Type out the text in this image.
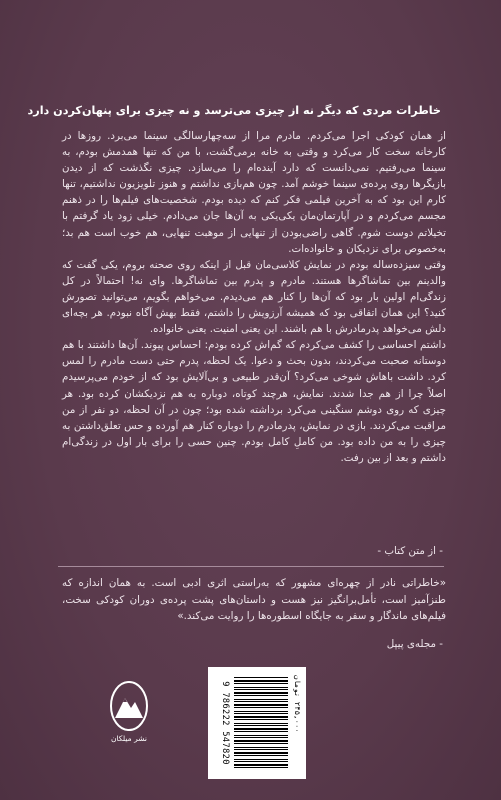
خاطرات مردی که دیگر نه از چیزی می‌ترسد و نه چیزی برای پنهان‌کردن دارد

از همان کودکی اجرا می‌کردم. مادرم مرا از سه‌چهارسالگی سینما می‌برد. روزها در کارخانه سخت کار می‌کرد و وقتی به خانه برمی‌گشت، با من که تنها همدمش بودم، به سینما می‌رفتیم. نمی‌دانست که دارد آینده‌ام را می‌سازد. چیزی نگذشت که از دیدن بازیگرها روی پرده‌ی سینما خوشم آمد. چون هم‌بازی نداشتم و هنوز تلویزیون نداشتیم، تنها کارم این بود که به آخرین فیلمی فکر کنم که دیده بودم. شخصیت‌های فیلم‌ها را در ذهنم مجسم می‌کردم و در آپارتمان‌مان یکی‌یکی به آن‌ها جان می‌دادم. خیلی زود یاد گرفتم با تخیلاتم دوست شوم. گاهی راضی‌بودن از تنهایی از موهبت تنهایی، هم خوب است هم بد؛ به‌خصوص برای نزدیکان و خانواده‌ات.

وقتی سیزده‌ساله بودم در نمایش کلاسی‌مان قبل از اینکه روی صحنه بروم، یکی گفت که والدینم بین تماشاگرها هستند. مادرم و پدرم بین تماشاگرها. وای نه! احتمالاً در کل زندگی‌ام اولین بار بود که آن‌ها را کنار هم می‌دیدم. می‌خواهم بگویم، می‌توانید تصورش کنید؟ این همان اتفاقی بود که همیشه آرزویش را داشتم، فقط بهش آگاه نبودم. هر بچه‌ای دلش می‌خواهد پدرمادرش با هم باشند. این یعنی امنیت. یعنی خانواده.

داشتم احساسی را کشف می‌کردم که گم‌اش کرده بودم: احساس پیوند. آن‌ها داشتند با هم دوستانه صحبت می‌کردند، بدون بحث و دعوا. یک لحظه، پدرم حتی دست مادرم را لمس کرد. داشت باهاش شوخی می‌کرد؟ آن‌قدر طبیعی و بی‌آلایش بود که از خودم می‌پرسیدم اصلاً چرا از هم جدا شدند. نمایش، هرچند کوتاه، دوباره به هم نزدیکشان کرده بود. هر چیزی که روی دوشم سنگینی می‌کرد برداشته شده بود؛ چون در آن لحظه، دو نفر از من مراقبت می‌کردند. بازی در نمایش، پدرمادرم را دوباره کنار هم آورده و حس تعلق‌داشتن به چیزی را به من داده بود. من کامل‌ِ کامل بودم. چنین حسی را برای بار اول در زندگی‌ام داشتم و بعد از بین رفت.

- از متن کتاب -
«خاطراتی نادر از چهره‌ای مشهور که به‌راستی اثری ادبی است. به همان اندازه که طنزآمیز است، تأمل‌برانگیز نیز هست و داستان‌های پشت پرده‌ی دوران کودکی سخت، فیلم‌های ماندگار و سفر به جایگاه اسطوره‌ها را روایت می‌کند.»
- مجله‌ی پیپل
نشر میلکان
۲۴۵,۰۰۰ تومان
9 786222 547820
